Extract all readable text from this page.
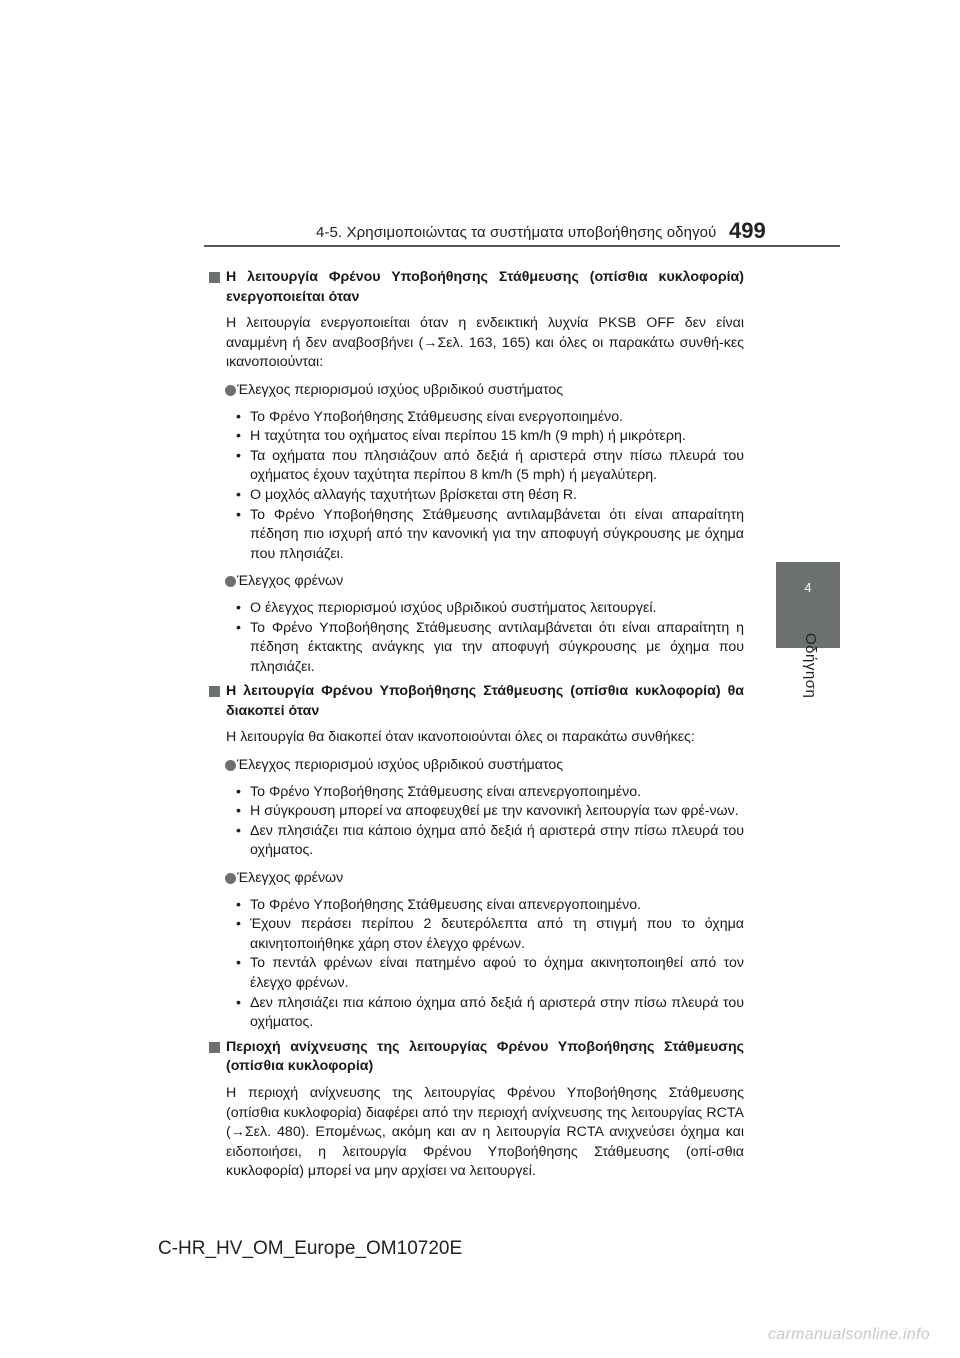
4-5. Χρησιμοποιώντας τα συστήματα υποβοήθησης οδηγού 499
4
Οδήγηση
Η λειτουργία Φρένου Υποβοήθησης Στάθμευσης (οπίσθια κυκλοφορία) ενεργοποιείται όταν
Η λειτουργία ενεργοποιείται όταν η ενδεικτική λυχνία PKSB OFF δεν είναι αναμμένη ή δεν αναβοσβήνει (→Σελ. 163, 165) και όλες οι παρακάτω συνθή-κες ικανοποιούνται:
Έλεγχος περιορισμού ισχύος υβριδικού συστήματος
• Το Φρένο Υποβοήθησης Στάθμευσης είναι ενεργοποιημένο.
• Η ταχύτητα του οχήματος είναι περίπου 15 km/h (9 mph) ή μικρότερη.
• Τα οχήματα που πλησιάζουν από δεξιά ή αριστερά στην πίσω πλευρά του οχήματος έχουν ταχύτητα περίπου 8 km/h (5 mph) ή μεγαλύτερη.
• Ο μοχλός αλλαγής ταχυτήτων βρίσκεται στη θέση R.
• Το Φρένο Υποβοήθησης Στάθμευσης αντιλαμβάνεται ότι είναι απαραίτητη πέδηση πιο ισχυρή από την κανονική για την αποφυγή σύγκρουσης με όχημα που πλησιάζει.
Έλεγχος φρένων
• Ο έλεγχος περιορισμού ισχύος υβριδικού συστήματος λειτουργεί.
• Το Φρένο Υποβοήθησης Στάθμευσης αντιλαμβάνεται ότι είναι απαραίτητη η πέδηση έκτακτης ανάγκης για την αποφυγή σύγκρουσης με όχημα που πλησιάζει.
Η λειτουργία Φρένου Υποβοήθησης Στάθμευσης (οπίσθια κυκλοφορία) θα διακοπεί όταν
Η λειτουργία θα διακοπεί όταν ικανοποιούνται όλες οι παρακάτω συνθήκες:
Έλεγχος περιορισμού ισχύος υβριδικού συστήματος
• Το Φρένο Υποβοήθησης Στάθμευσης είναι απενεργοποιημένο.
• Η σύγκρουση μπορεί να αποφευχθεί με την κανονική λειτουργία των φρέ-νων.
• Δεν πλησιάζει πια κάποιο όχημα από δεξιά ή αριστερά στην πίσω πλευρά του οχήματος.
Έλεγχος φρένων
• Το Φρένο Υποβοήθησης Στάθμευσης είναι απενεργοποιημένο.
• Έχουν περάσει περίπου 2 δευτερόλεπτα από τη στιγμή που το όχημα ακινητοποιήθηκε χάρη στον έλεγχο φρένων.
• Το πεντάλ φρένων είναι πατημένο αφού το όχημα ακινητοποιηθεί από τον έλεγχο φρένων.
• Δεν πλησιάζει πια κάποιο όχημα από δεξιά ή αριστερά στην πίσω πλευρά του οχήματος.
Περιοχή ανίχνευσης της λειτουργίας Φρένου Υποβοήθησης Στάθμευσης (οπίσθια κυκλοφορία)
Η περιοχή ανίχνευσης της λειτουργίας Φρένου Υποβοήθησης Στάθμευσης (οπίσθια κυκλοφορία) διαφέρει από την περιοχή ανίχνευσης της λειτουργίας RCTA (→Σελ. 480). Επομένως, ακόμη και αν η λειτουργία RCTA ανιχνεύσει όχημα και ειδοποιήσει, η λειτουργία Φρένου Υποβοήθησης Στάθμευσης (οπί-σθια κυκλοφορία) μπορεί να μην αρχίσει να λειτουργεί.
C-HR_HV_OM_Europe_OM10720E
carmanualsonline.info
